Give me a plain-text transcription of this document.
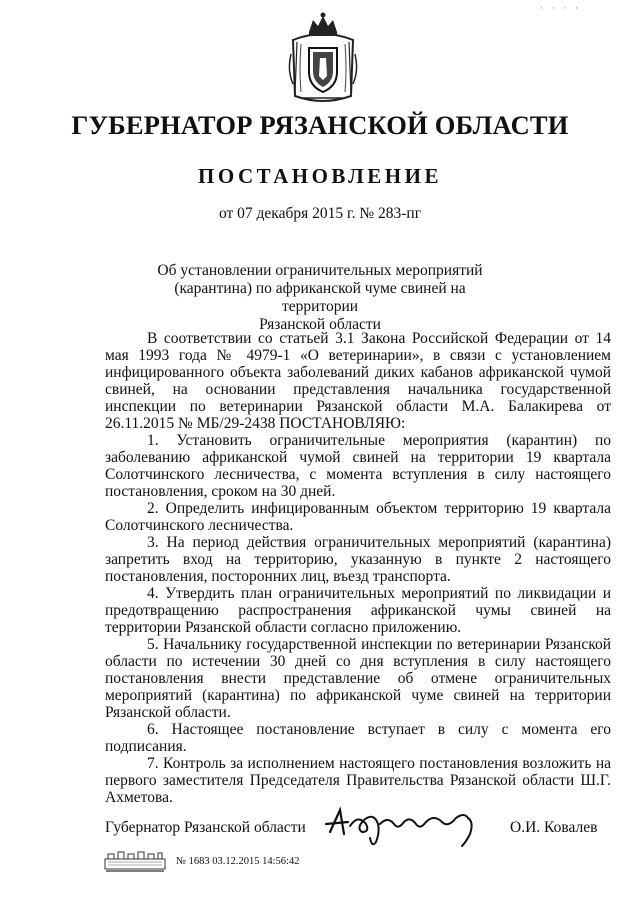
· · · ·
ГУБЕРНАТОР РЯЗАНСКОЙ ОБЛАСТИ
ПОСТАНОВЛЕНИЕ
от 07 декабря 2015 г. № 283-пг
Об установлении ограничительных мероприятий
(карантина) по африканской чуме свиней на территории
Рязанской области

В соответствии со статьей 3.1 Закона Российской Федерации от 14 мая 1993 года № 4979-1 «О ветеринарии», в связи с установлением инфицированного объекта заболеваний диких кабанов африканской чумой свиней, на основании представления начальника государственной инспекции по ветеринарии Рязанской области М.А. Балакирева от 26.11.2015 № МБ/29-2438 ПОСТАНОВЛЯЮ:

1. Установить ограничительные мероприятия (карантин) по заболеванию африканской чумой свиней на территории 19 квартала Солотчинского лесничества, с момента вступления в силу настоящего постановления, сроком на 30 дней.

2. Определить инфицированным объектом территорию 19 квартала Солотчинского лесничества.

3. На период действия ограничительных мероприятий (карантина) запретить вход на территорию, указанную в пункте 2 настоящего постановления, посторонних лиц, въезд транспорта.

4. Утвердить план ограничительных мероприятий по ликвидации и предотвращению распространения африканской чумы свиней на территории Рязанской области согласно приложению.

5. Начальнику государственной инспекции по ветеринарии Рязанской области по истечении 30 дней со дня вступления в силу настоящего постановления внести представление об отмене ограничительных мероприятий (карантина) по африканской чуме свиней на территории Рязанской области.

6. Настоящее постановление вступает в силу с момента его подписания.

7. Контроль за исполнением настоящего постановления возложить на первого заместителя Председателя Правительства Рязанской области Ш.Г. Ахметова.

Губернатор Рязанской области	О.И. Ковалев
№ 1683 03.12.2015 14:56:42
